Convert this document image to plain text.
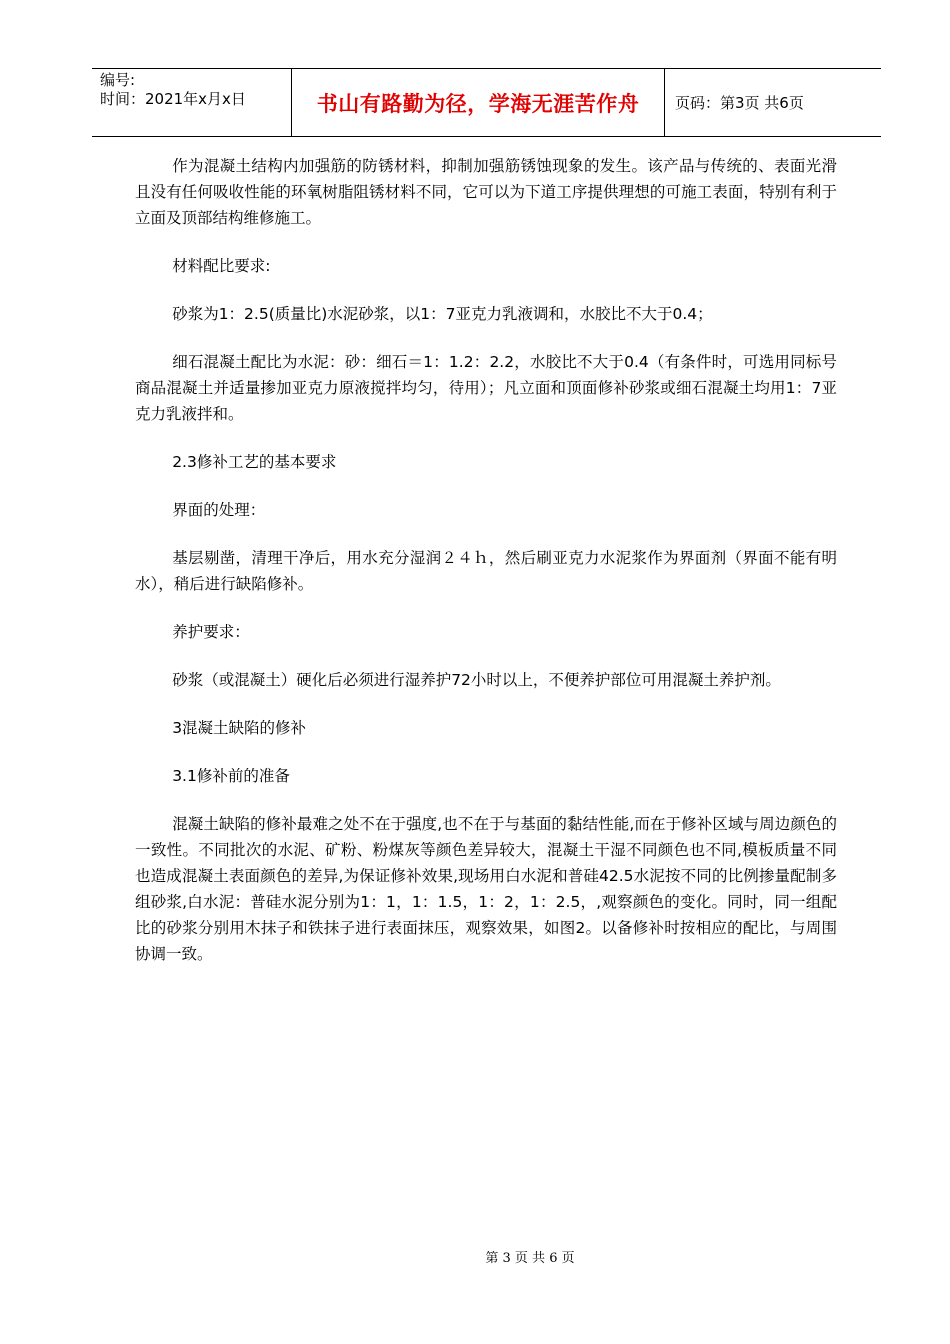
编号:
时间：2021年x月x日	书山有路勤为径，学海无涯苦作舟	页码：第3页 共6页

作为混凝土结构内加强筋的防锈材料，抑制加强筋锈蚀现象的发生。该产品与传统的、表面光滑且没有任何吸收性能的环氧树脂阻锈材料不同，它可以为下道工序提供理想的可施工表面，特别有利于立面及顶部结构维修施工。

材料配比要求:

砂浆为1：2.5(质量比)水泥砂浆，以1：7亚克力乳液调和，水胶比不大于0.4；

细石混凝土配比为水泥：砂：细石＝1：1.2：2.2，水胶比不大于0.4（有条件时，可选用同标号商品混凝土并适量掺加亚克力原液搅拌均匀，待用）；凡立面和顶面修补砂浆或细石混凝土均用1：7亚克力乳液拌和。

2.3修补工艺的基本要求

界面的处理：

基层剔凿，清理干净后，用水充分湿润２４ｈ，然后刷亚克力水泥浆作为界面剂（界面不能有明水），稍后进行缺陷修补。

养护要求：

砂浆（或混凝土）硬化后必须进行湿养护72小时以上，不便养护部位可用混凝土养护剂。

3混凝土缺陷的修补

3.1修补前的准备

混凝土缺陷的修补最难之处不在于强度,也不在于与基面的黏结性能,而在于修补区域与周边颜色的一致性。不同批次的水泥、矿粉、粉煤灰等颜色差异较大，混凝土干湿不同颜色也不同,模板质量不同也造成混凝土表面颜色的差异,为保证修补效果,现场用白水泥和普硅42.5水泥按不同的比例掺量配制多组砂浆,白水泥：普硅水泥分别为1：1，1：1.5，1：2，1：2.5，,观察颜色的变化。同时，同一组配比的砂浆分别用木抹子和铁抹子进行表面抹压，观察效果，如图2。以备修补时按相应的配比，与周围协调一致。

第 3 页 共 6 页
